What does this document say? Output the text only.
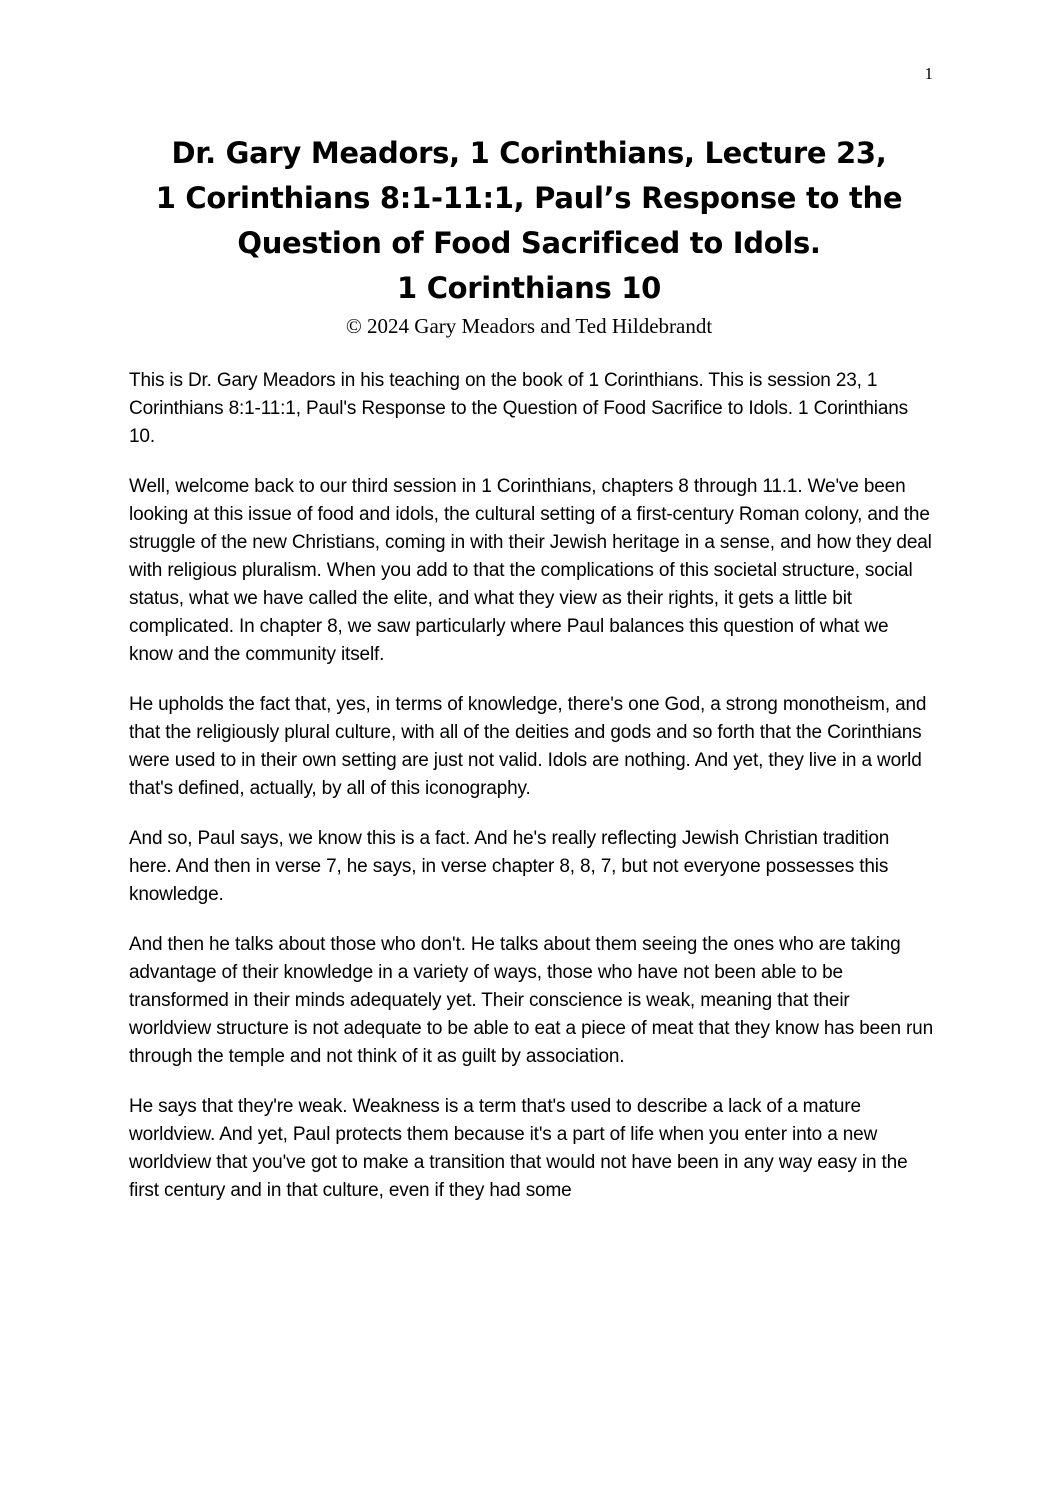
1
Dr. Gary Meadors, 1 Corinthians, Lecture 23,
1 Corinthians 8:1-11:1, Paul’s Response to the
Question of Food Sacrificed to Idols.
1 Corinthians 10
© 2024 Gary Meadors and Ted Hildebrandt

This is Dr. Gary Meadors in his teaching on the book of 1 Corinthians. This is session 23, 1 Corinthians 8:1-11:1, Paul's Response to the Question of Food Sacrifice to Idols. 1 Corinthians 10.

Well, welcome back to our third session in 1 Corinthians, chapters 8 through 11.1. We've been looking at this issue of food and idols, the cultural setting of a first-century Roman colony, and the struggle of the new Christians, coming in with their Jewish heritage in a sense, and how they deal with religious pluralism. When you add to that the complications of this societal structure, social status, what we have called the elite, and what they view as their rights, it gets a little bit complicated. In chapter 8, we saw particularly where Paul balances this question of what we know and the community itself.

He upholds the fact that, yes, in terms of knowledge, there's one God, a strong monotheism, and that the religiously plural culture, with all of the deities and gods and so forth that the Corinthians were used to in their own setting are just not valid. Idols are nothing. And yet, they live in a world that's defined, actually, by all of this iconography.

And so, Paul says, we know this is a fact. And he's really reflecting Jewish Christian tradition here. And then in verse 7, he says, in verse chapter 8, 8, 7, but not everyone possesses this knowledge.

And then he talks about those who don't. He talks about them seeing the ones who are taking advantage of their knowledge in a variety of ways, those who have not been able to be transformed in their minds adequately yet. Their conscience is weak, meaning that their worldview structure is not adequate to be able to eat a piece of meat that they know has been run through the temple and not think of it as guilt by association.

He says that they're weak. Weakness is a term that's used to describe a lack of a mature worldview. And yet, Paul protects them because it's a part of life when you enter into a new worldview that you've got to make a transition that would not have been in any way easy in the first century and in that culture, even if they had some
